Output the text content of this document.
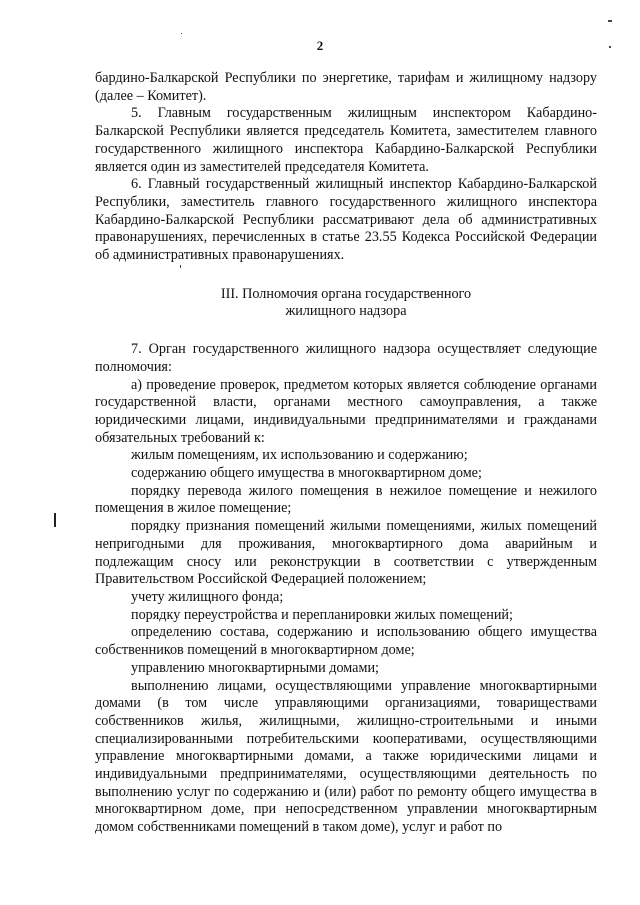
2

бардино-Балкарской Республики по энергетике, тарифам и жилищному надзору (далее – Комитет).

5. Главным государственным жилищным инспектором Кабардино-Балкарской Республики является председатель Комитета, заместителем главного государственного жилищного инспектора Кабардино-Балкарской Республики является один из заместителей председателя Комитета.

6. Главный государственный жилищный инспектор Кабардино-Балкарской Республики, заместитель главного государственного жилищного инспектора Кабардино-Балкарской Республики рассматривают дела об административных правонарушениях, перечисленных в статье 23.55 Кодекса Российской Федерации об административных правонарушениях.

III. Полномочия органа государственного
жилищного надзора

7. Орган государственного жилищного надзора осуществляет следующие полномочия:

а) проведение проверок, предметом которых является соблюдение органами государственной власти, органами местного самоуправления, а также юридическими лицами, индивидуальными предпринимателями и гражданами обязательных требований к:

жилым помещениям, их использованию и содержанию;

содержанию общего имущества в многоквартирном доме;

порядку перевода жилого помещения в нежилое помещение и нежилого помещения в жилое помещение;

порядку признания помещений жилыми помещениями, жилых помещений непригодными для проживания, многоквартирного дома аварийным и подлежащим сносу или реконструкции в соответствии с утвержденным Правительством Российской Федерацией положением;

учету жилищного фонда;

порядку переустройства и перепланировки жилых помещений;

определению состава, содержанию и использованию общего имущества собственников помещений в многоквартирном доме;

управлению многоквартирными домами;

выполнению лицами, осуществляющими управление многоквартирными домами (в том числе управляющими организациями, товариществами собственников жилья, жилищными, жилищно-строительными и иными специализированными потребительскими кооперативами, осуществляющими управление многоквартирными домами, а также юридическими лицами и индивидуальными предпринимателями, осуществляющими деятельность по выполнению услуг по содержанию и (или) работ по ремонту общего имущества в многоквартирном доме, при непосредственном управлении многоквартирным домом собственниками помещений в таком доме), услуг и работ по
